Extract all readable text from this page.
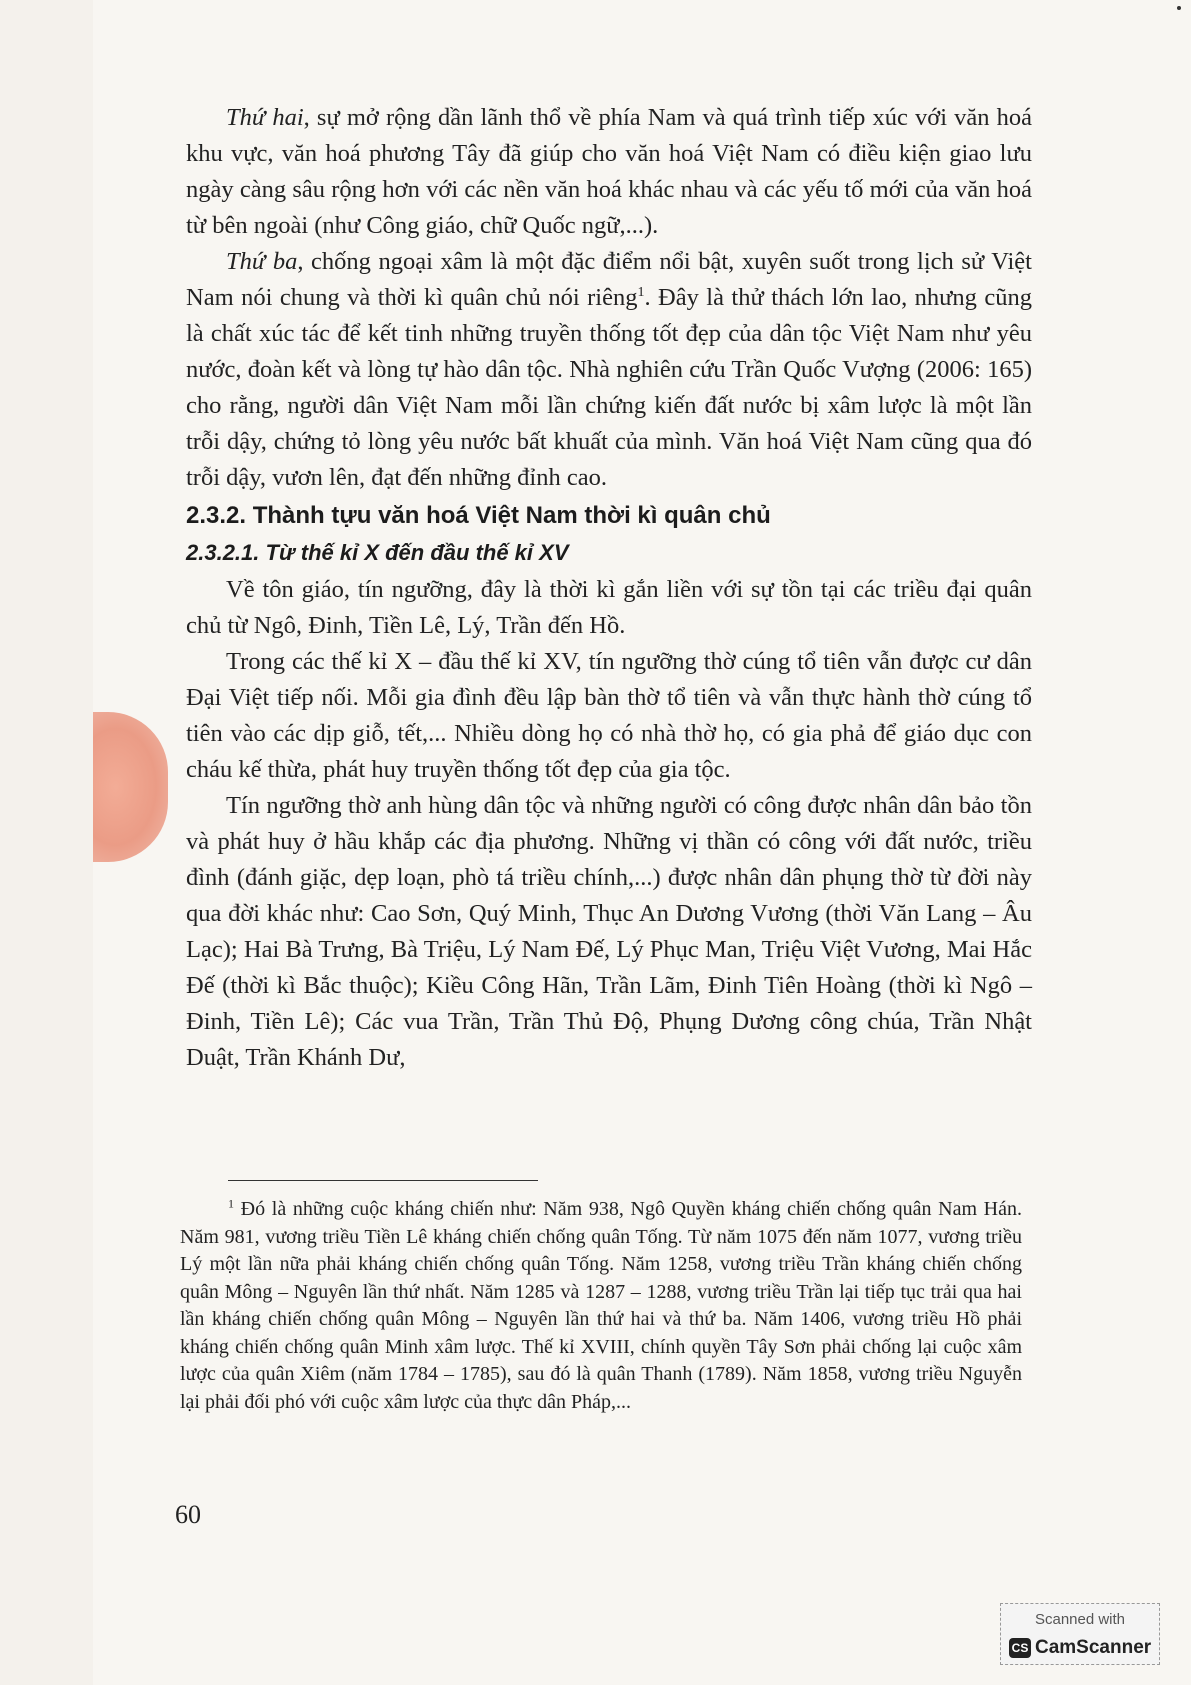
Thứ hai, sự mở rộng dần lãnh thổ về phía Nam và quá trình tiếp xúc với văn hoá khu vực, văn hoá phương Tây đã giúp cho văn hoá Việt Nam có điều kiện giao lưu ngày càng sâu rộng hơn với các nền văn hoá khác nhau và các yếu tố mới của văn hoá từ bên ngoài (như Công giáo, chữ Quốc ngữ,...).

Thứ ba, chống ngoại xâm là một đặc điểm nổi bật, xuyên suốt trong lịch sử Việt Nam nói chung và thời kì quân chủ nói riêng$^1$. Đây là thử thách lớn lao, nhưng cũng là chất xúc tác để kết tinh những truyền thống tốt đẹp của dân tộc Việt Nam như yêu nước, đoàn kết và lòng tự hào dân tộc. Nhà nghiên cứu Trần Quốc Vượng (2006: 165) cho rằng, người dân Việt Nam mỗi lần chứng kiến đất nước bị xâm lược là một lần trỗi dậy, chứng tỏ lòng yêu nước bất khuất của mình. Văn hoá Việt Nam cũng qua đó trỗi dậy, vươn lên, đạt đến những đỉnh cao.

2.3.2. Thành tựu văn hoá Việt Nam thời kì quân chủ
2.3.2.1. Từ thế kỉ X đến đầu thế kỉ XV

Về tôn giáo, tín ngưỡng, đây là thời kì gắn liền với sự tồn tại các triều đại quân chủ từ Ngô, Đinh, Tiền Lê, Lý, Trần đến Hồ.

Trong các thế kỉ X – đầu thế kỉ XV, tín ngưỡng thờ cúng tổ tiên vẫn được cư dân Đại Việt tiếp nối. Mỗi gia đình đều lập bàn thờ tổ tiên và vẫn thực hành thờ cúng tổ tiên vào các dịp giỗ, tết,... Nhiều dòng họ có nhà thờ họ, có gia phả để giáo dục con cháu kế thừa, phát huy truyền thống tốt đẹp của gia tộc.

Tín ngưỡng thờ anh hùng dân tộc và những người có công được nhân dân bảo tồn và phát huy ở hầu khắp các địa phương. Những vị thần có công với đất nước, triều đình (đánh giặc, dẹp loạn, phò tá triều chính,...) được nhân dân phụng thờ từ đời này qua đời khác như: Cao Sơn, Quý Minh, Thục An Dương Vương (thời Văn Lang – Âu Lạc); Hai Bà Trưng, Bà Triệu, Lý Nam Đế, Lý Phục Man, Triệu Việt Vương, Mai Hắc Đế (thời kì Bắc thuộc); Kiều Công Hãn, Trần Lãm, Đinh Tiên Hoàng (thời kì Ngô – Đinh, Tiền Lê); Các vua Trần, Trần Thủ Độ, Phụng Dương công chúa, Trần Nhật Duật, Trần Khánh Dư,

$^1$ Đó là những cuộc kháng chiến như: Năm 938, Ngô Quyền kháng chiến chống quân Nam Hán. Năm 981, vương triều Tiền Lê kháng chiến chống quân Tống. Từ năm 1075 đến năm 1077, vương triều Lý một lần nữa phải kháng chiến chống quân Tống. Năm 1258, vương triều Trần kháng chiến chống quân Mông – Nguyên lần thứ nhất. Năm 1285 và 1287 – 1288, vương triều Trần lại tiếp tục trải qua hai lần kháng chiến chống quân Mông – Nguyên lần thứ hai và thứ ba. Năm 1406, vương triều Hồ phải kháng chiến chống quân Minh xâm lược. Thế kỉ XVIII, chính quyền Tây Sơn phải chống lại cuộc xâm lược của quân Xiêm (năm 1784 – 1785), sau đó là quân Thanh (1789). Năm 1858, vương triều Nguyễn lại phải đối phó với cuộc xâm lược của thực dân Pháp,...

60
Scanned with
CS CamScanner
